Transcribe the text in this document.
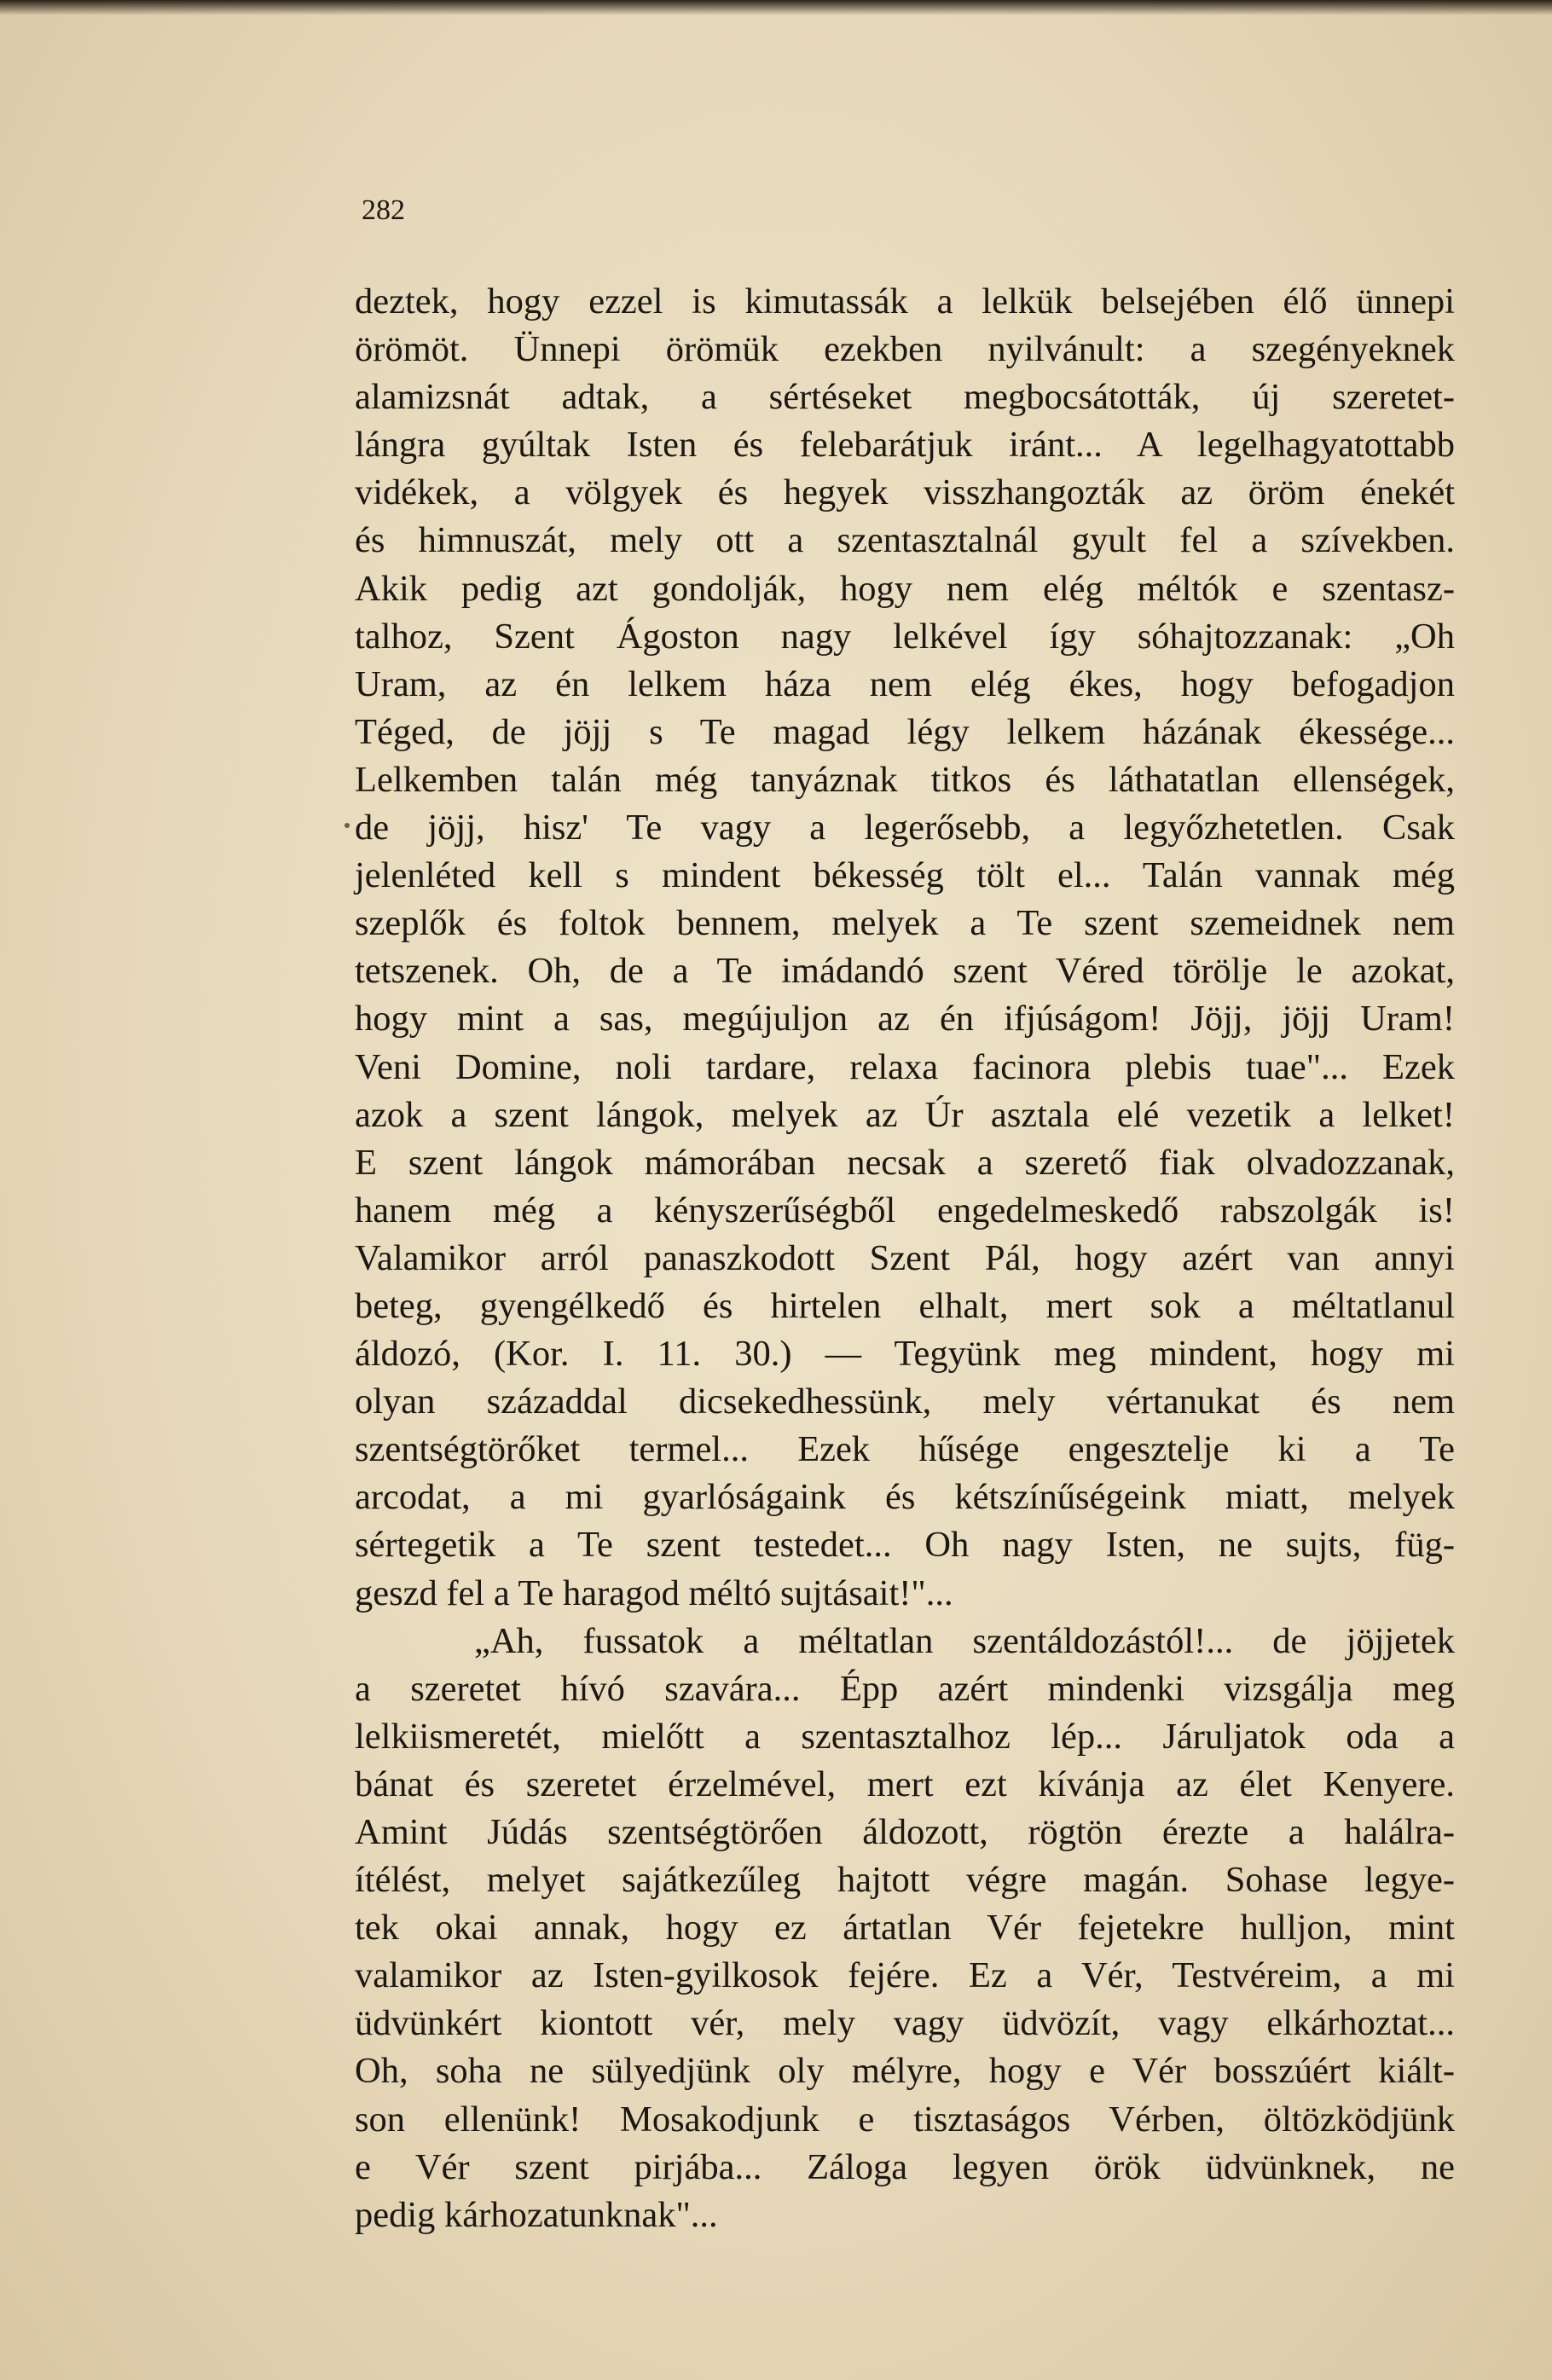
282
deztek, hogy ezzel is kimutassák a lelkük belsejében élő ünnepi
örömöt. Ünnepi örömük ezekben nyilvánult: a szegényeknek
alamizsnát adtak, a sértéseket megbocsátották, új szeretet-
lángra gyúltak Isten és felebarátjuk iránt... A legelhagyatottabb
vidékek, a völgyek és hegyek visszhangozták az öröm énekét
és himnuszát, mely ott a szentasztalnál gyult fel a szívekben.
Akik pedig azt gondolják, hogy nem elég méltók e szentasz-
talhoz, Szent Ágoston nagy lelkével így sóhajtozzanak: „Oh
Uram, az én lelkem háza nem elég ékes, hogy befogadjon
Téged, de jöjj s Te magad légy lelkem házának ékessége...
Lelkemben talán még tanyáznak titkos és láthatatlan ellenségek,
de jöjj, hisz' Te vagy a legerősebb, a legyőzhetetlen. Csak
jelenléted kell s mindent békesség tölt el... Talán vannak még
szeplők és foltok bennem, melyek a Te szent szemeidnek nem
tetszenek. Oh, de a Te imádandó szent Véred törölje le azokat,
hogy mint a sas, megújuljon az én ifjúságom! Jöjj, jöjj Uram!
Veni Domine, noli tardare, relaxa facinora plebis tuae"... Ezek
azok a szent lángok, melyek az Úr asztala elé vezetik a lelket!
E szent lángok mámorában necsak a szerető fiak olvadozzanak,
hanem még a kényszerűségből engedelmeskedő rabszolgák is!
Valamikor arról panaszkodott Szent Pál, hogy azért van annyi
beteg, gyengélkedő és hirtelen elhalt, mert sok a méltatlanul
áldozó, (Kor. I. 11. 30.) — Tegyünk meg mindent, hogy mi
olyan századdal dicsekedhessünk, mely vértanukat és nem
szentségtörőket termel... Ezek hűsége engesztelje ki a Te
arcodat, a mi gyarlóságaink és kétszínűségeink miatt, melyek
sértegetik a Te szent testedet... Oh nagy Isten, ne sujts, füg-
geszd fel a Te haragod méltó sujtásait!"...
„Ah, fussatok a méltatlan szentáldozástól!... de jöjjetek
a szeretet hívó szavára... Épp azért mindenki vizsgálja meg
lelkiismeretét, mielőtt a szentasztalhoz lép... Járuljatok oda a
bánat és szeretet érzelmével, mert ezt kívánja az élet Kenyere.
Amint Júdás szentségtörően áldozott, rögtön érezte a halálra-
ítélést, melyet sajátkezűleg hajtott végre magán. Sohase legye-
tek okai annak, hogy ez ártatlan Vér fejetekre hulljon, mint
valamikor az Isten-gyilkosok fejére. Ez a Vér, Testvéreim, a mi
üdvünkért kiontott vér, mely vagy üdvözít, vagy elkárhoztat...
Oh, soha ne sülyedjünk oly mélyre, hogy e Vér bosszúért kiált-
son ellenünk! Mosakodjunk e tisztaságos Vérben, öltözködjünk
e Vér szent pirjába... Záloga legyen örök üdvünknek, ne
pedig kárhozatunknak"...
